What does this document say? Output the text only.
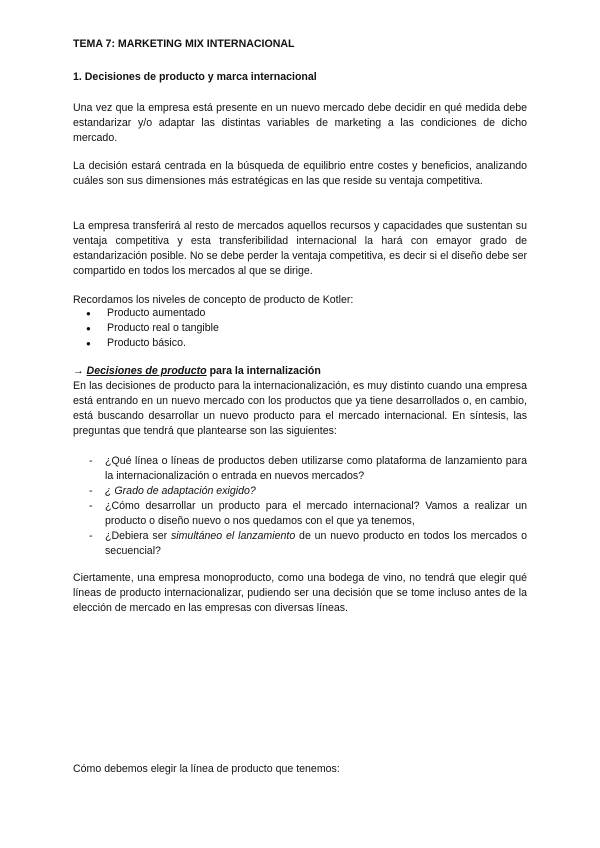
TEMA 7: MARKETING MIX INTERNACIONAL

1. Decisiones de producto y marca internacional

Una vez que la empresa está presente en un nuevo mercado debe decidir en qué medida debe estandarizar y/o adaptar las distintas variables de marketing a las condiciones de dicho mercado.

La decisión estará centrada en la búsqueda de equilibrio entre costes y beneficios, analizando cuáles son sus dimensiones más estratégicas en las que reside su ventaja competitiva.

La empresa transferirá al resto de mercados aquellos recursos y capacidades que sustentan su ventaja competitiva y esta transferibilidad internacional la hará con emayor grado de estandarización posible. No se debe perder la ventaja competitiva, es decir si el diseño debe ser compartido en todos los mercados al que se dirige.

Recordamos los niveles de concepto de producto de Kotler:

● Producto aumentado
● Producto real o tangible
● Producto básico.

→ Decisiones de producto para la internalización

En las decisiones de producto para la internacionalización, es muy distinto cuando una empresa está entrando en un nuevo mercado con los productos que ya tiene desarrollados o, en cambio, está buscando desarrollar un nuevo producto para el mercado internacional. En síntesis, las preguntas que tendrá que plantearse son las siguientes:

- ¿Qué línea o líneas de productos deben utilizarse como plataforma de lanzamiento para la internacionalización o entrada en nuevos mercados?
- ¿ Grado de adaptación exigido?
- ¿Cómo desarrollar un producto para el mercado internacional? Vamos a realizar un producto o diseño nuevo o nos quedamos con el que ya tenemos,
- ¿Debiera ser simultáneo el lanzamiento de un nuevo producto en todos los mercados o secuencial?

Ciertamente, una empresa monoproducto, como una bodega de vino, no tendrá que elegir qué líneas de producto internacionalizar, pudiendo ser una decisión que se tome incluso antes de la elección de mercado en las empresas con diversas líneas.

Cómo debemos elegir la línea de producto que tenemos:
